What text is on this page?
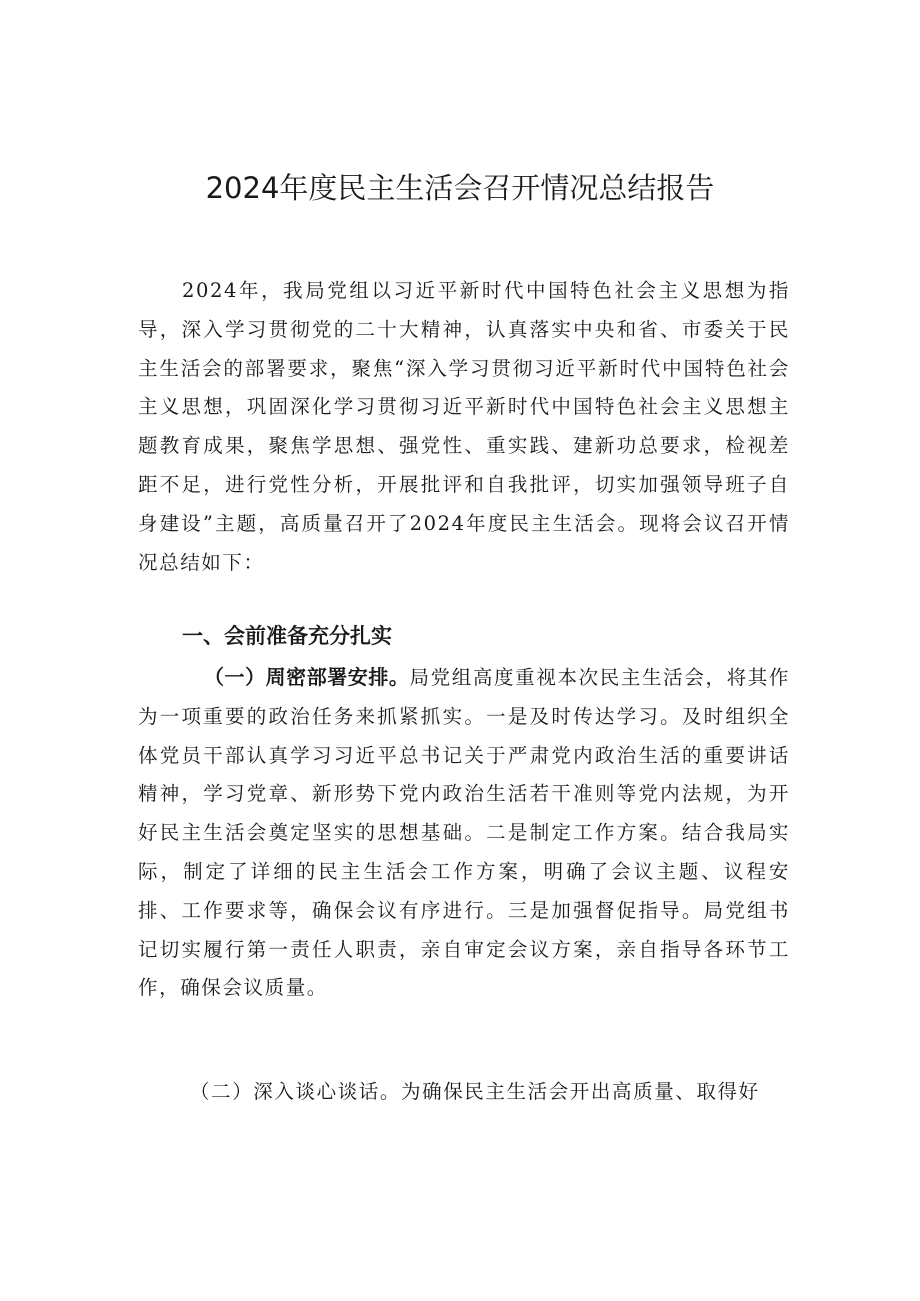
2024年度民主生活会召开情况总结报告

2024年，我局党组以习近平新时代中国特色社会主义思想为指导，深入学习贯彻党的二十大精神，认真落实中央和省、市委关于民主生活会的部署要求，聚焦“深入学习贯彻习近平新时代中国特色社会主义思想，巩固深化学习贯彻习近平新时代中国特色社会主义思想主题教育成果，聚焦学思想、强党性、重实践、建新功总要求，检视差距不足，进行党性分析，开展批评和自我批评，切实加强领导班子自身建设”主题，高质量召开了2024年度民主生活会。现将会议召开情况总结如下：

一、会前准备充分扎实

（一）周密部署安排。局党组高度重视本次民主生活会，将其作为一项重要的政治任务来抓紧抓实。一是及时传达学习。及时组织全体党员干部认真学习习近平总书记关于严肃党内政治生活的重要讲话精神，学习党章、新形势下党内政治生活若干准则等党内法规，为开好民主生活会奠定坚实的思想基础。二是制定工作方案。结合我局实际，制定了详细的民主生活会工作方案，明确了会议主题、议程安排、工作要求等，确保会议有序进行。三是加强督促指导。局党组书记切实履行第一责任人职责，亲自审定会议方案，亲自指导各环节工作，确保会议质量。

（二）深入谈心谈话。为确保民主生活会开出高质量、取得好
